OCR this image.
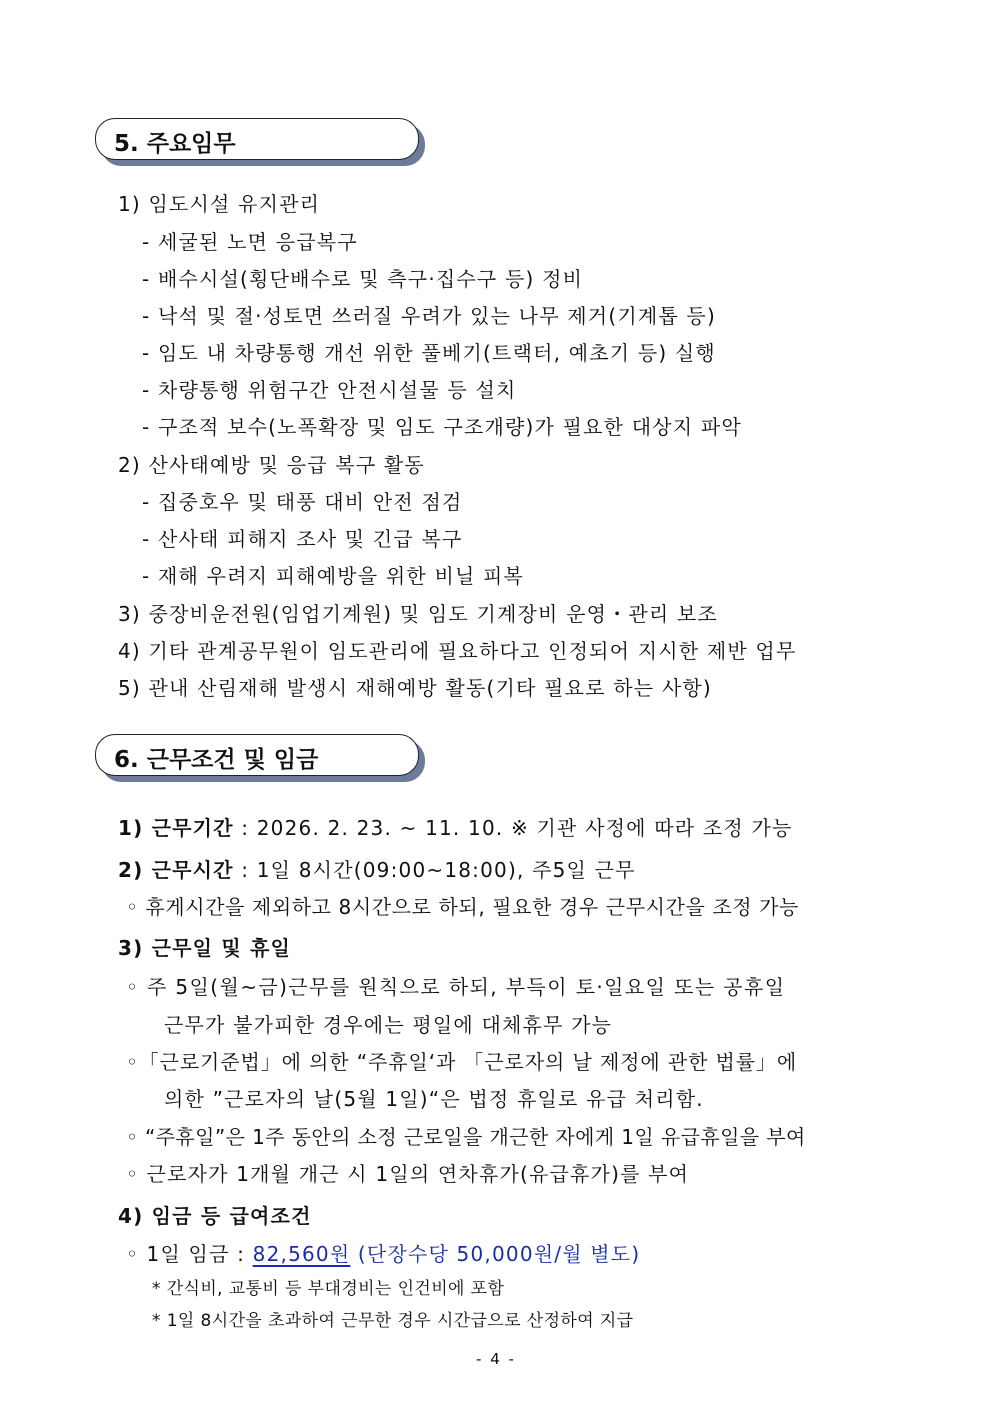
5. 주요임무
1) 임도시설 유지관리
- 세굴된 노면 응급복구
- 배수시설(횡단배수로 및 측구·집수구 등) 정비
- 낙석 및 절·성토면 쓰러질 우려가 있는 나무 제거(기계톱 등)
- 임도 내 차량통행 개선 위한 풀베기(트랙터, 예초기 등) 실행
- 차량통행 위험구간 안전시설물 등 설치
- 구조적 보수(노폭확장 및 임도 구조개량)가 필요한 대상지 파악
2) 산사태예방 및 응급 복구 활동
- 집중호우 및 태풍 대비 안전 점검
- 산사태 피해지 조사 및 긴급 복구
- 재해 우려지 피해예방을 위한 비닐 피복
3) 중장비운전원(임업기계원) 및 임도 기계장비 운영・관리 보조
4) 기타 관계공무원이 임도관리에 필요하다고 인정되어 지시한 제반 업무
5) 관내 산림재해 발생시 재해예방 활동(기타 필요로 하는 사항)
6. 근무조건 및 임금
1) 근무기간 : 2026. 2. 23. ~ 11. 10. ※ 기관 사정에 따라 조정 가능
2) 근무시간 : 1일 8시간(09:00~18:00), 주5일 근무
◦ 휴게시간을 제외하고 8시간으로 하되, 필요한 경우 근무시간을 조정 가능
3) 근무일 및 휴일
◦ 주 5일(월~금)근무를 원칙으로 하되, 부득이 토·일요일 또는 공휴일
근무가 불가피한 경우에는 평일에 대체휴무 가능
◦「근로기준법」에 의한 “주휴일‘과 「근로자의 날 제정에 관한 법률」에
의한 ”근로자의 날(5월 1일)“은 법정 휴일로 유급 처리함.
◦ “주휴일”은 1주 동안의 소정 근로일을 개근한 자에게 1일 유급휴일을 부여
◦ 근로자가 1개월 개근 시 1일의 연차휴가(유급휴가)를 부여
4) 임금 등 급여조건
◦ 1일 임금 : 82,560원 (단장수당 50,000원/월 별도)
* 간식비, 교통비 등 부대경비는 인건비에 포함
* 1일 8시간을 초과하여 근무한 경우 시간급으로 산정하여 지급
- 4 -
